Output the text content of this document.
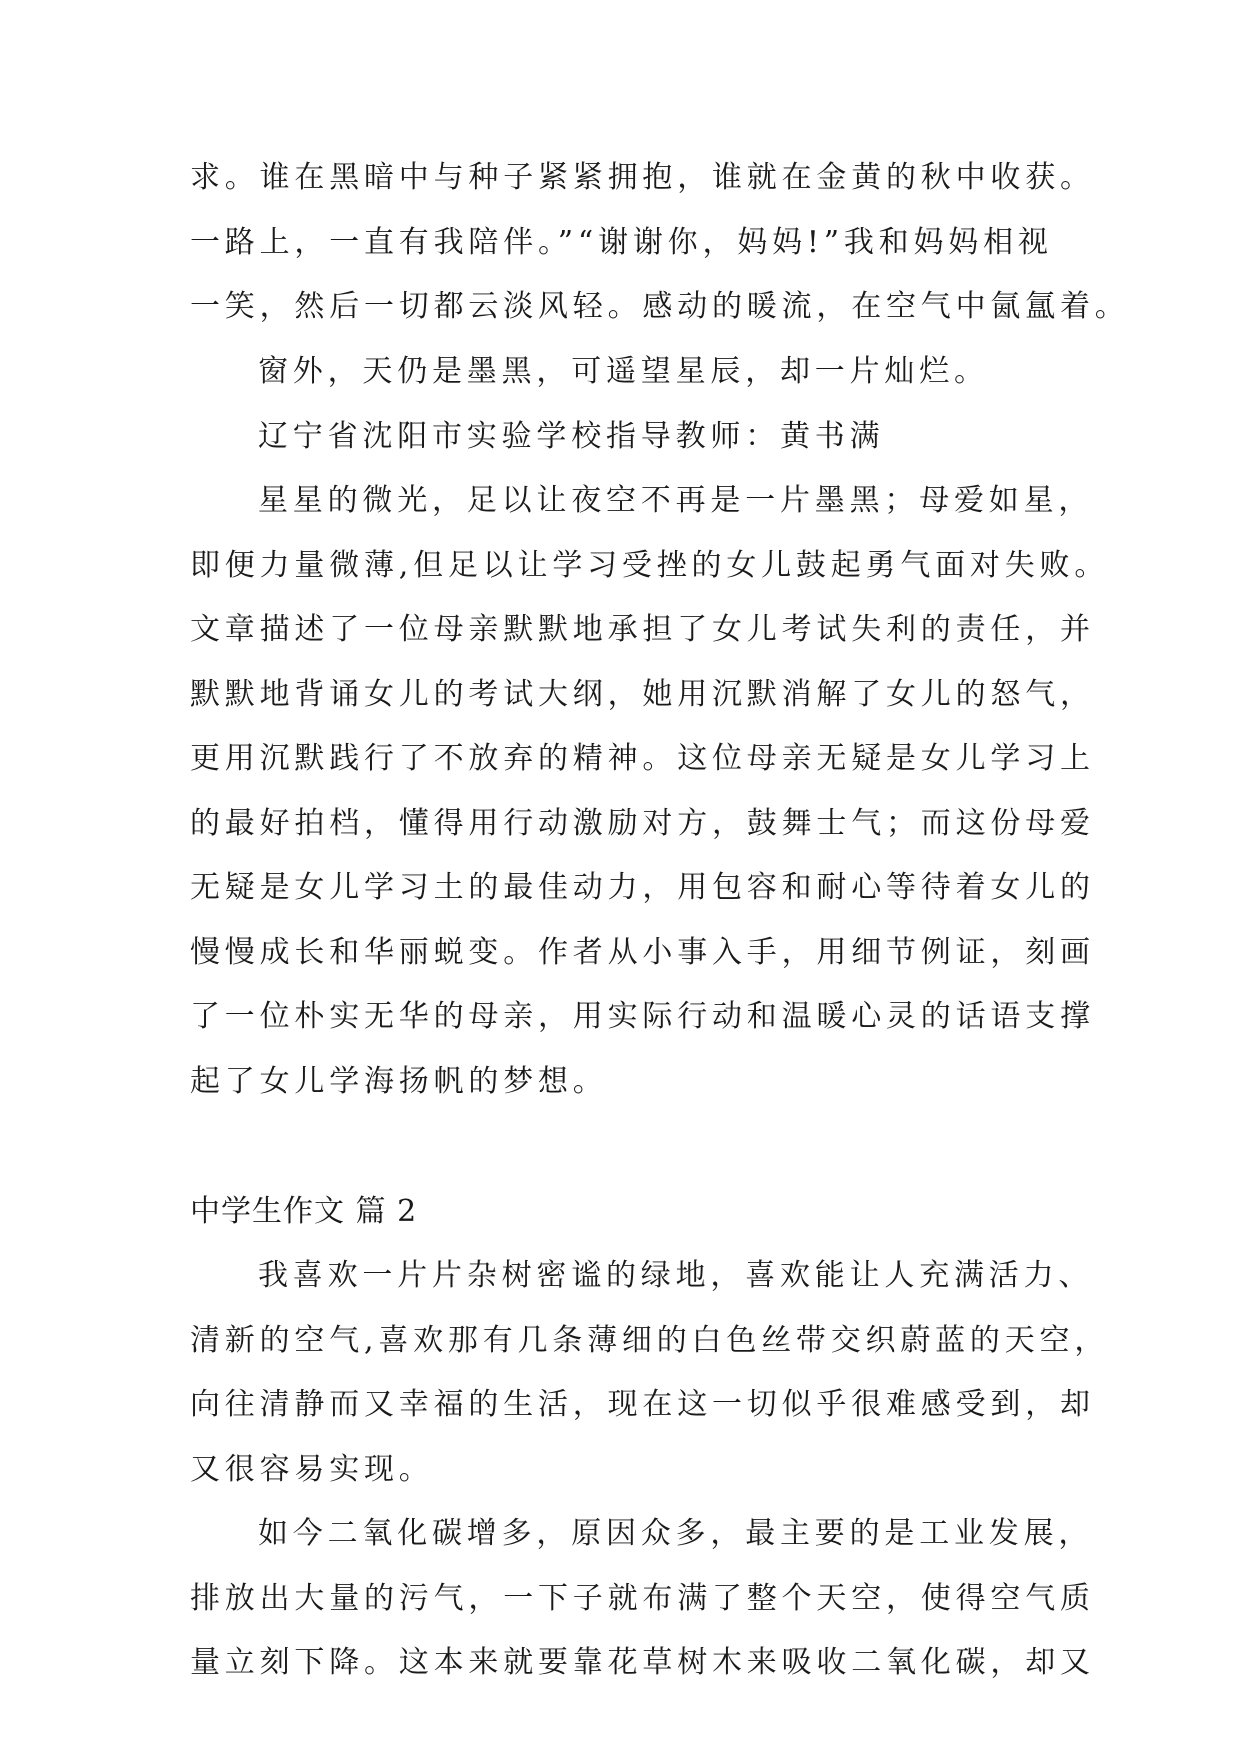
求。谁在黑暗中与种子紧紧拥抱，谁就在金黄的秋中收获。
一路上，一直有我陪伴。”“谢谢你，妈妈!”我和妈妈相视
一笑，然后一切都云淡风轻。感动的暖流，在空气中氤氲着。
窗外，天仍是墨黑，可遥望星辰，却一片灿烂。
辽宁省沈阳市实验学校指导教师：黄书满
星星的微光，足以让夜空不再是一片墨黑；母爱如星，
即便力量微薄,但足以让学习受挫的女儿鼓起勇气面对失败。
文章描述了一位母亲默默地承担了女儿考试失利的责任，并
默默地背诵女儿的考试大纲，她用沉默消解了女儿的怒气，
更用沉默践行了不放弃的精神。这位母亲无疑是女儿学习上
的最好拍档，懂得用行动激励对方，鼓舞士气；而这份母爱
无疑是女儿学习土的最佳动力，用包容和耐心等待着女儿的
慢慢成长和华丽蜕变。作者从小事入手，用细节例证，刻画
了一位朴实无华的母亲，用实际行动和温暖心灵的话语支撑
起了女儿学海扬帆的梦想。
中学生作文 篇 2
我喜欢一片片杂树密谧的绿地，喜欢能让人充满活力、
清新的空气,喜欢那有几条薄细的白色丝带交织蔚蓝的天空，
向往清静而又幸福的生活，现在这一切似乎很难感受到，却
又很容易实现。
如今二氧化碳增多，原因众多，最主要的是工业发展，
排放出大量的污气，一下子就布满了整个天空，使得空气质
量立刻下降。这本来就要靠花草树木来吸收二氧化碳，却又
